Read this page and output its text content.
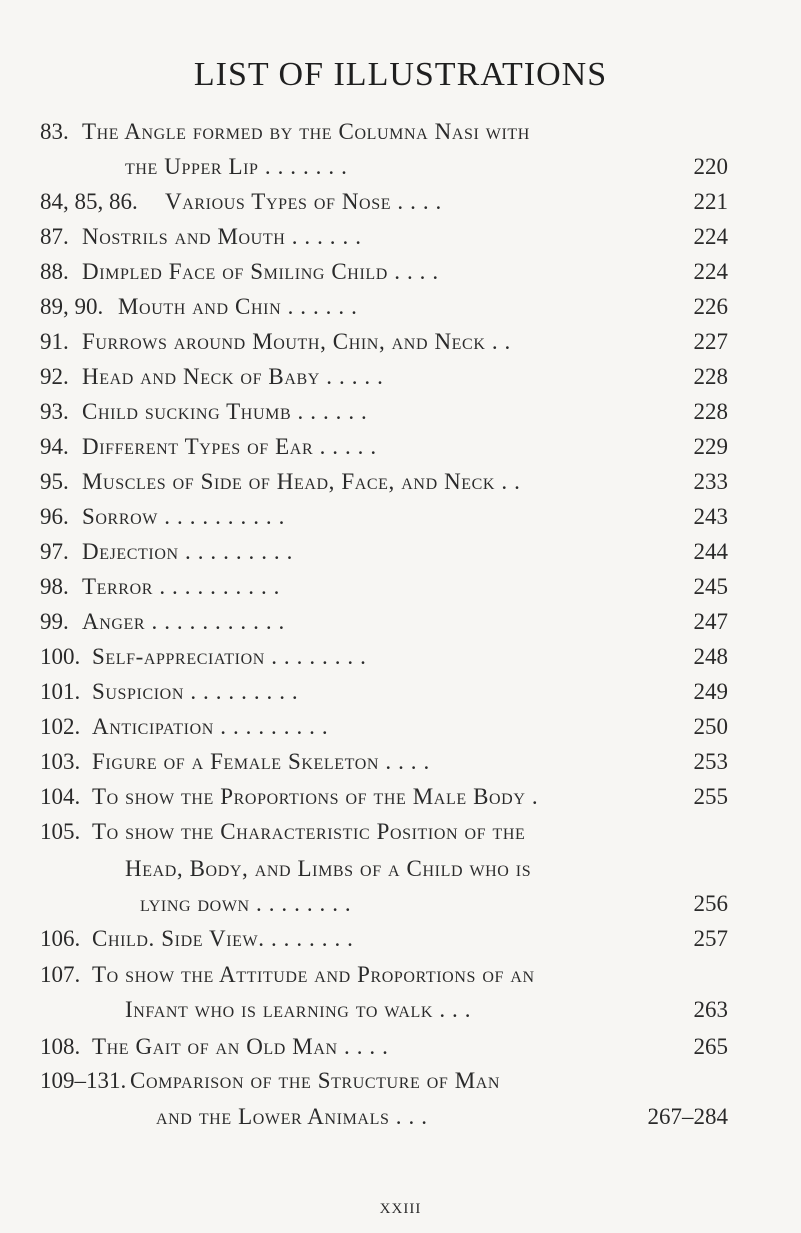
LIST OF ILLUSTRATIONS
83. The Angle formed by the Columna Nasi with
the Upper Lip . . . . . . .	220
84, 85, 86. Various Types of Nose . . . .	221
87. Nostrils and Mouth . . . . . .	224
88. Dimpled Face of Smiling Child . . . .	224
89, 90. Mouth and Chin . . . . . .	226
91. Furrows around Mouth, Chin, and Neck . .	227
92. Head and Neck of Baby . . . . .	228
93. Child sucking Thumb . . . . . .	228
94. Different Types of Ear . . . . .	229
95. Muscles of Side of Head, Face, and Neck . .	233
96. Sorrow . . . . . . . . . .	243
97. Dejection . . . . . . . . .	244
98. Terror . . . . . . . . . .	245
99. Anger . . . . . . . . . . .	247
100. Self-appreciation . . . . . . . .	248
101. Suspicion . . . . . . . . .	249
102. Anticipation . . . . . . . . .	250
103. Figure of a Female Skeleton . . . .	253
104. To show the Proportions of the Male Body .	255
105. To show the Characteristic Position of the
Head, Body, and Limbs of a Child who is
lying down . . . . . . . .	256
106. Child. Side View. . . . . . . .	257
107. To show the Attitude and Proportions of an
Infant who is learning to walk . . .	263
108. The Gait of an Old Man . . . .	265
109–131. Comparison of the Structure of Man
and the Lower Animals . . .	267–284
xxiii
